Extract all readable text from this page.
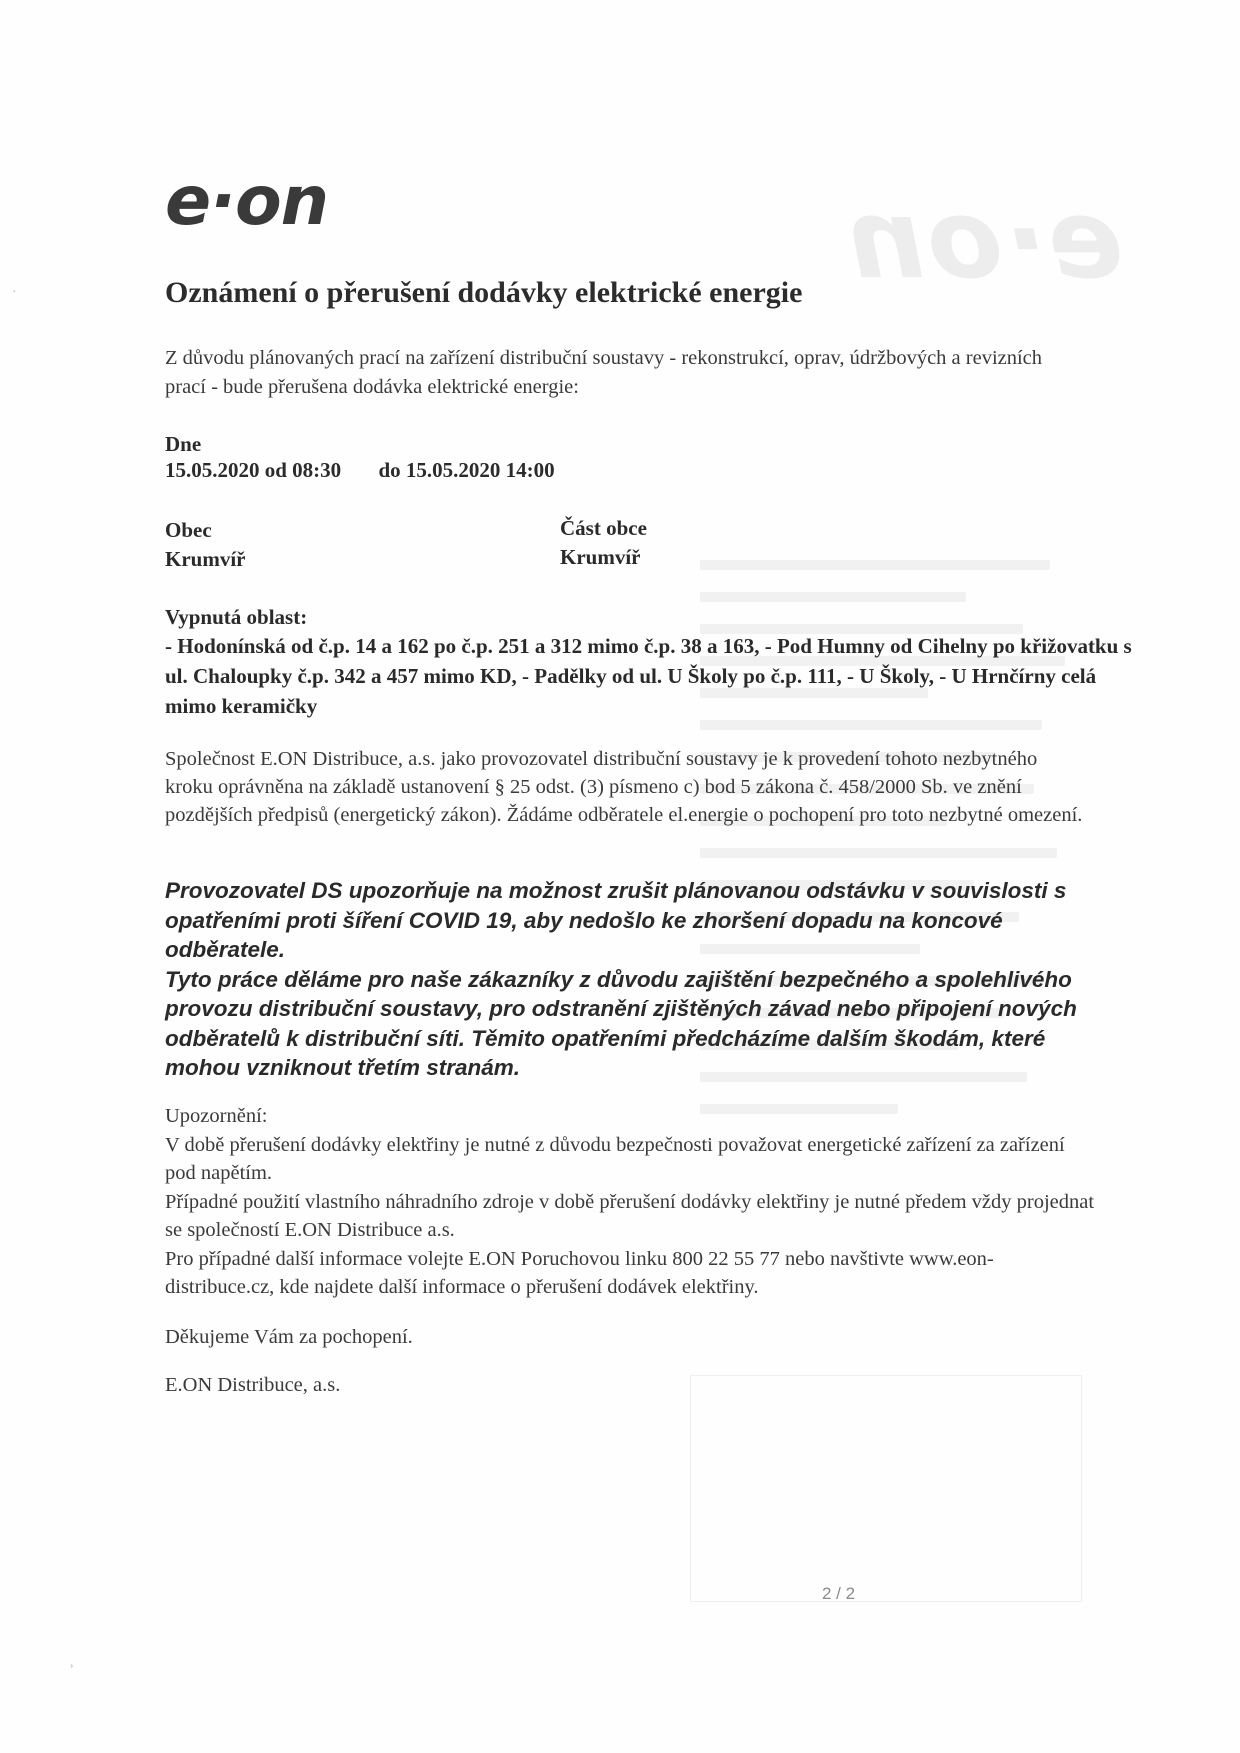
e·on
e·on
Oznámení o přerušení dodávky elektrické energie

Z důvodu plánovaných prací na zařízení distribuční soustavy - rekonstrukcí, oprav, údržbových a revizních prací - bude přerušena dodávka elektrické energie:

Dne

15.05.2020 od 08:30 do 15.05.2020 14:00

Obec

Krumvíř

Část obce

Krumvíř

Vypnutá oblast:

- Hodonínská od č.p. 14 a 162 po č.p. 251 a 312 mimo č.p. 38 a 163, - Pod Humny od Cihelny po křižovatku s ul. Chaloupky č.p. 342 a 457 mimo KD, - Padělky od ul. U Školy po č.p. 111, - U Školy, - U Hrnčírny celá mimo keramičky

Společnost E.ON Distribuce, a.s. jako provozovatel distribuční soustavy je k provedení tohoto nezbytného kroku oprávněna na základě ustanovení § 25 odst. (3) písmeno c) bod 5 zákona č. 458/2000 Sb. ve znění pozdějších předpisů (energetický zákon). Žádáme odběratele el.energie o pochopení pro toto nezbytné omezení.

Provozovatel DS upozorňuje na možnost zrušit plánovanou odstávku v souvislosti s opatřeními proti šíření COVID 19, aby nedošlo ke zhoršení dopadu na koncové odběratele.
Tyto práce děláme pro naše zákazníky z důvodu zajištění bezpečného a spolehlivého provozu distribuční soustavy, pro odstranění zjištěných závad nebo připojení nových odběratelů k distribuční síti. Těmito opatřeními předcházíme dalším škodám, které mohou vzniknout třetím stranám.

Upozornění:

V době přerušení dodávky elektřiny je nutné z důvodu bezpečnosti považovat energetické zařízení za zařízení pod napětím.

Případné použití vlastního náhradního zdroje v době přerušení dodávky elektřiny je nutné předem vždy projednat se společností E.ON Distribuce a.s.

Pro případné další informace volejte E.ON Poruchovou linku 800 22 55 77 nebo navštivte www.eon-distribuce.cz, kde najdete další informace o přerušení dodávek elektřiny.

Děkujeme Vám za pochopení.

E.ON Distribuce, a.s.

2 / 2
·
,
